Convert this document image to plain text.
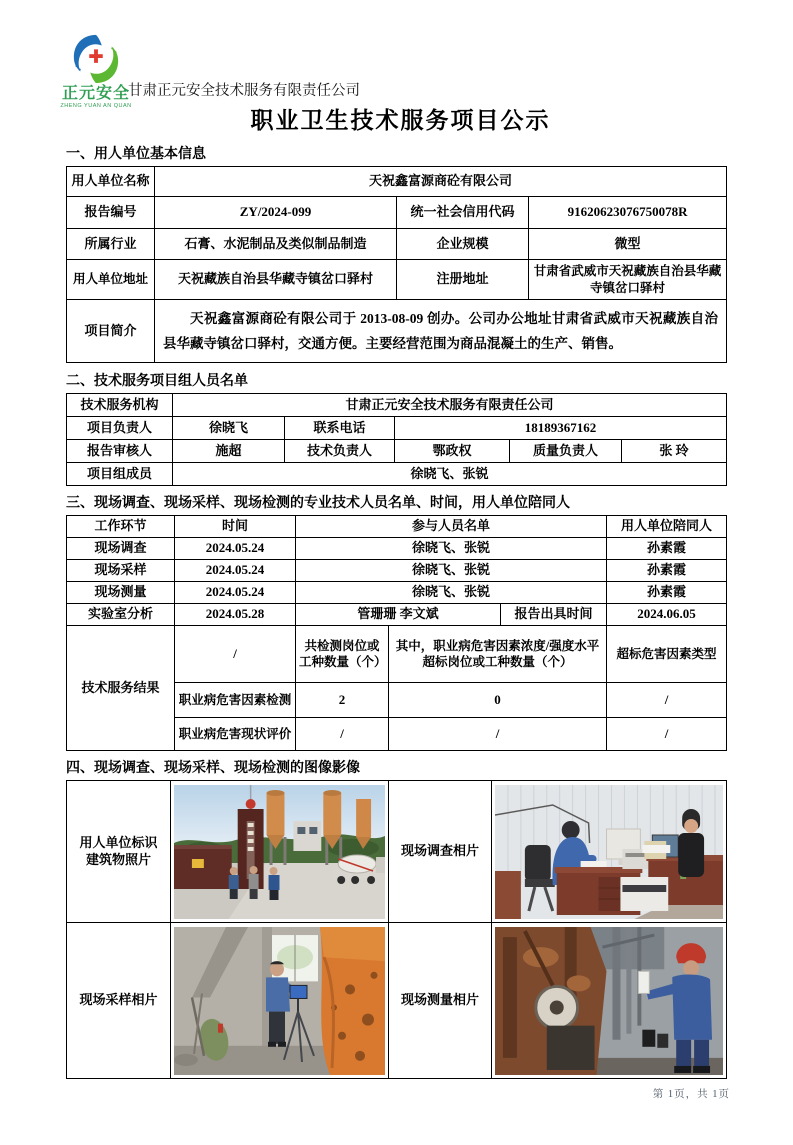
正元安全
ZHENG YUAN AN QUAN
甘肃正元安全技术服务有限责任公司
职业卫生技术服务项目公示
一、用人单位基本信息
用人单位名称	天祝鑫富源商砼有限公司		
报告编号	ZY/2024-099	统一社会信用代码	91620623076750078R
所属行业	石膏、水泥制品及类似制品制造	企业规模	微型
用人单位地址	天祝藏族自治县华藏寺镇岔口驿村	注册地址	甘肃省武威市天祝藏族自治县华藏寺镇岔口驿村
项目简介	天祝鑫富源商砼有限公司于 2013-08-09 创办。公司办公地址甘肃省武威市天祝藏族自治县华藏寺镇岔口驿村，交通方便。主要经营范围为商品混凝土的生产、销售。		
二、技术服务项目组人员名单
技术服务机构	甘肃正元安全技术服务有限责任公司				
项目负责人	徐晓飞	联系电话	18189367162		
报告审核人	施超	技术负责人	鄂政权	质量负责人	张 玲
项目组成员	徐晓飞、张锐				
三、现场调查、现场采样、现场检测的专业技术人员名单、时间，用人单位陪同人
工作环节	时间	参与人员名单			用人单位陪同人
现场调查	2024.05.24	徐晓飞、张锐			孙素霞
现场采样	2024.05.24	徐晓飞、张锐			孙素霞
现场测量	2024.05.24	徐晓飞、张锐			孙素霞
实验室分析	2024.05.28	管珊珊 李文斌		报告出具时间	2024.06.05
技术服务结果	/	共检测岗位或工种数量（个）	其中，职业病危害因素浓度/强度水平超标岗位或工种数量（个）		超标危害因素类型
	职业病危害因素检测	2	0		/
	职业病危害现状评价	/	/		/
四、现场调查、现场采样、现场检测的图像影像
用人单位标识
建筑物照片		现场调查相片	

现场采样相片		现场测量相片	
第 1页，共 1页
